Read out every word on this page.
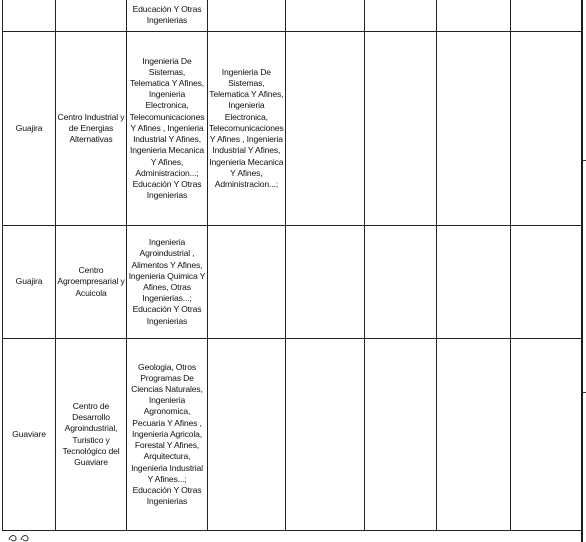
		Educación Y Otras Ingenierias					
Guajira	Centro Industrial y de Energias Alternativas	Ingenieria De Sistemas, Telematica Y Afines, Ingenieria Electronica, Telecomunicaciones Y Afines , Ingenieria Industrial Y Afines, Ingenieria Mecanica Y Afines, Administracion...; Educación Y Otras Ingenierias	Ingenieria De Sistemas, Telematica Y Afines, Ingenieria Electronica, Telecomunicaciones Y Afines , Ingenieria Industrial Y Afines, Ingenieria Mecanica Y Afines, Administracion...;				
Guajira	Centro Agroempresarial y Acuicola	Ingenieria Agroindustrial , Alimentos Y Afines, Ingenieria Quimica Y Afines, Otras Ingenierias...; Educación Y Otras Ingenierias					
Guaviare	Centro de Desarrollo Agroindustrial, Turistico y Tecnológico del Guaviare	Geologia, Otros Programas De Ciencias Naturales, Ingenieria Agronomica, Pecuaria Y Afines , Ingenieria Agricola, Forestal Y Afines, Arquitectura, Ingenieria Industrial Y Afines...; Educación Y Otras Ingenierias					
